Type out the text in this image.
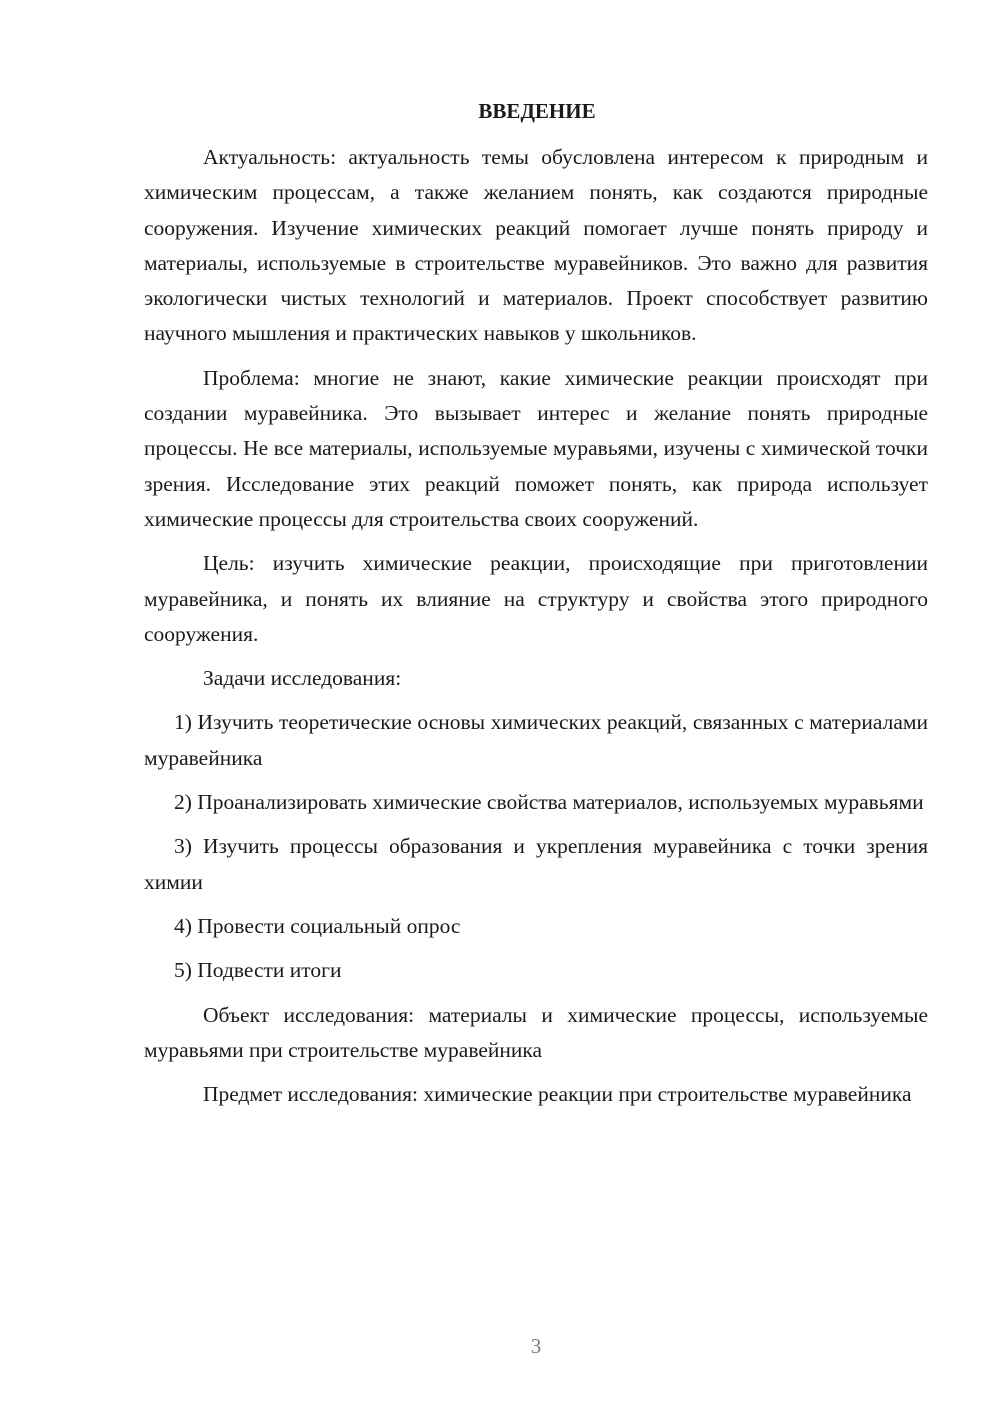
ВВЕДЕНИЕ

Актуальность: актуальность темы обусловлена интересом к природным и химическим процессам, а также желанием понять, как создаются природные сооружения. Изучение химических реакций помогает лучше понять природу и материалы, используемые в строительстве муравейников. Это важно для развития экологически чистых технологий и материалов. Проект способствует развитию научного мышления и практических навыков у школьников.

Проблема: многие не знают, какие химические реакции происходят при создании муравейника. Это вызывает интерес и желание понять природные процессы. Не все материалы, используемые муравьями, изучены с химической точки зрения. Исследование этих реакций поможет понять, как природа использует химические процессы для строительства своих сооружений.

Цель: изучить химические реакции, происходящие при приготовлении муравейника, и понять их влияние на структуру и свойства этого природного сооружения.

Задачи исследования:

1) Изучить теоретические основы химических реакций, связанных с материалами муравейника

2) Проанализировать химические свойства материалов, используемых муравьями

3) Изучить процессы образования и укрепления муравейника с точки зрения химии

4) Провести социальный опрос

5) Подвести итоги

Объект исследования: материалы и химические процессы, используемые муравьями при строительстве муравейника

Предмет исследования: химические реакции при строительстве муравейника

3
